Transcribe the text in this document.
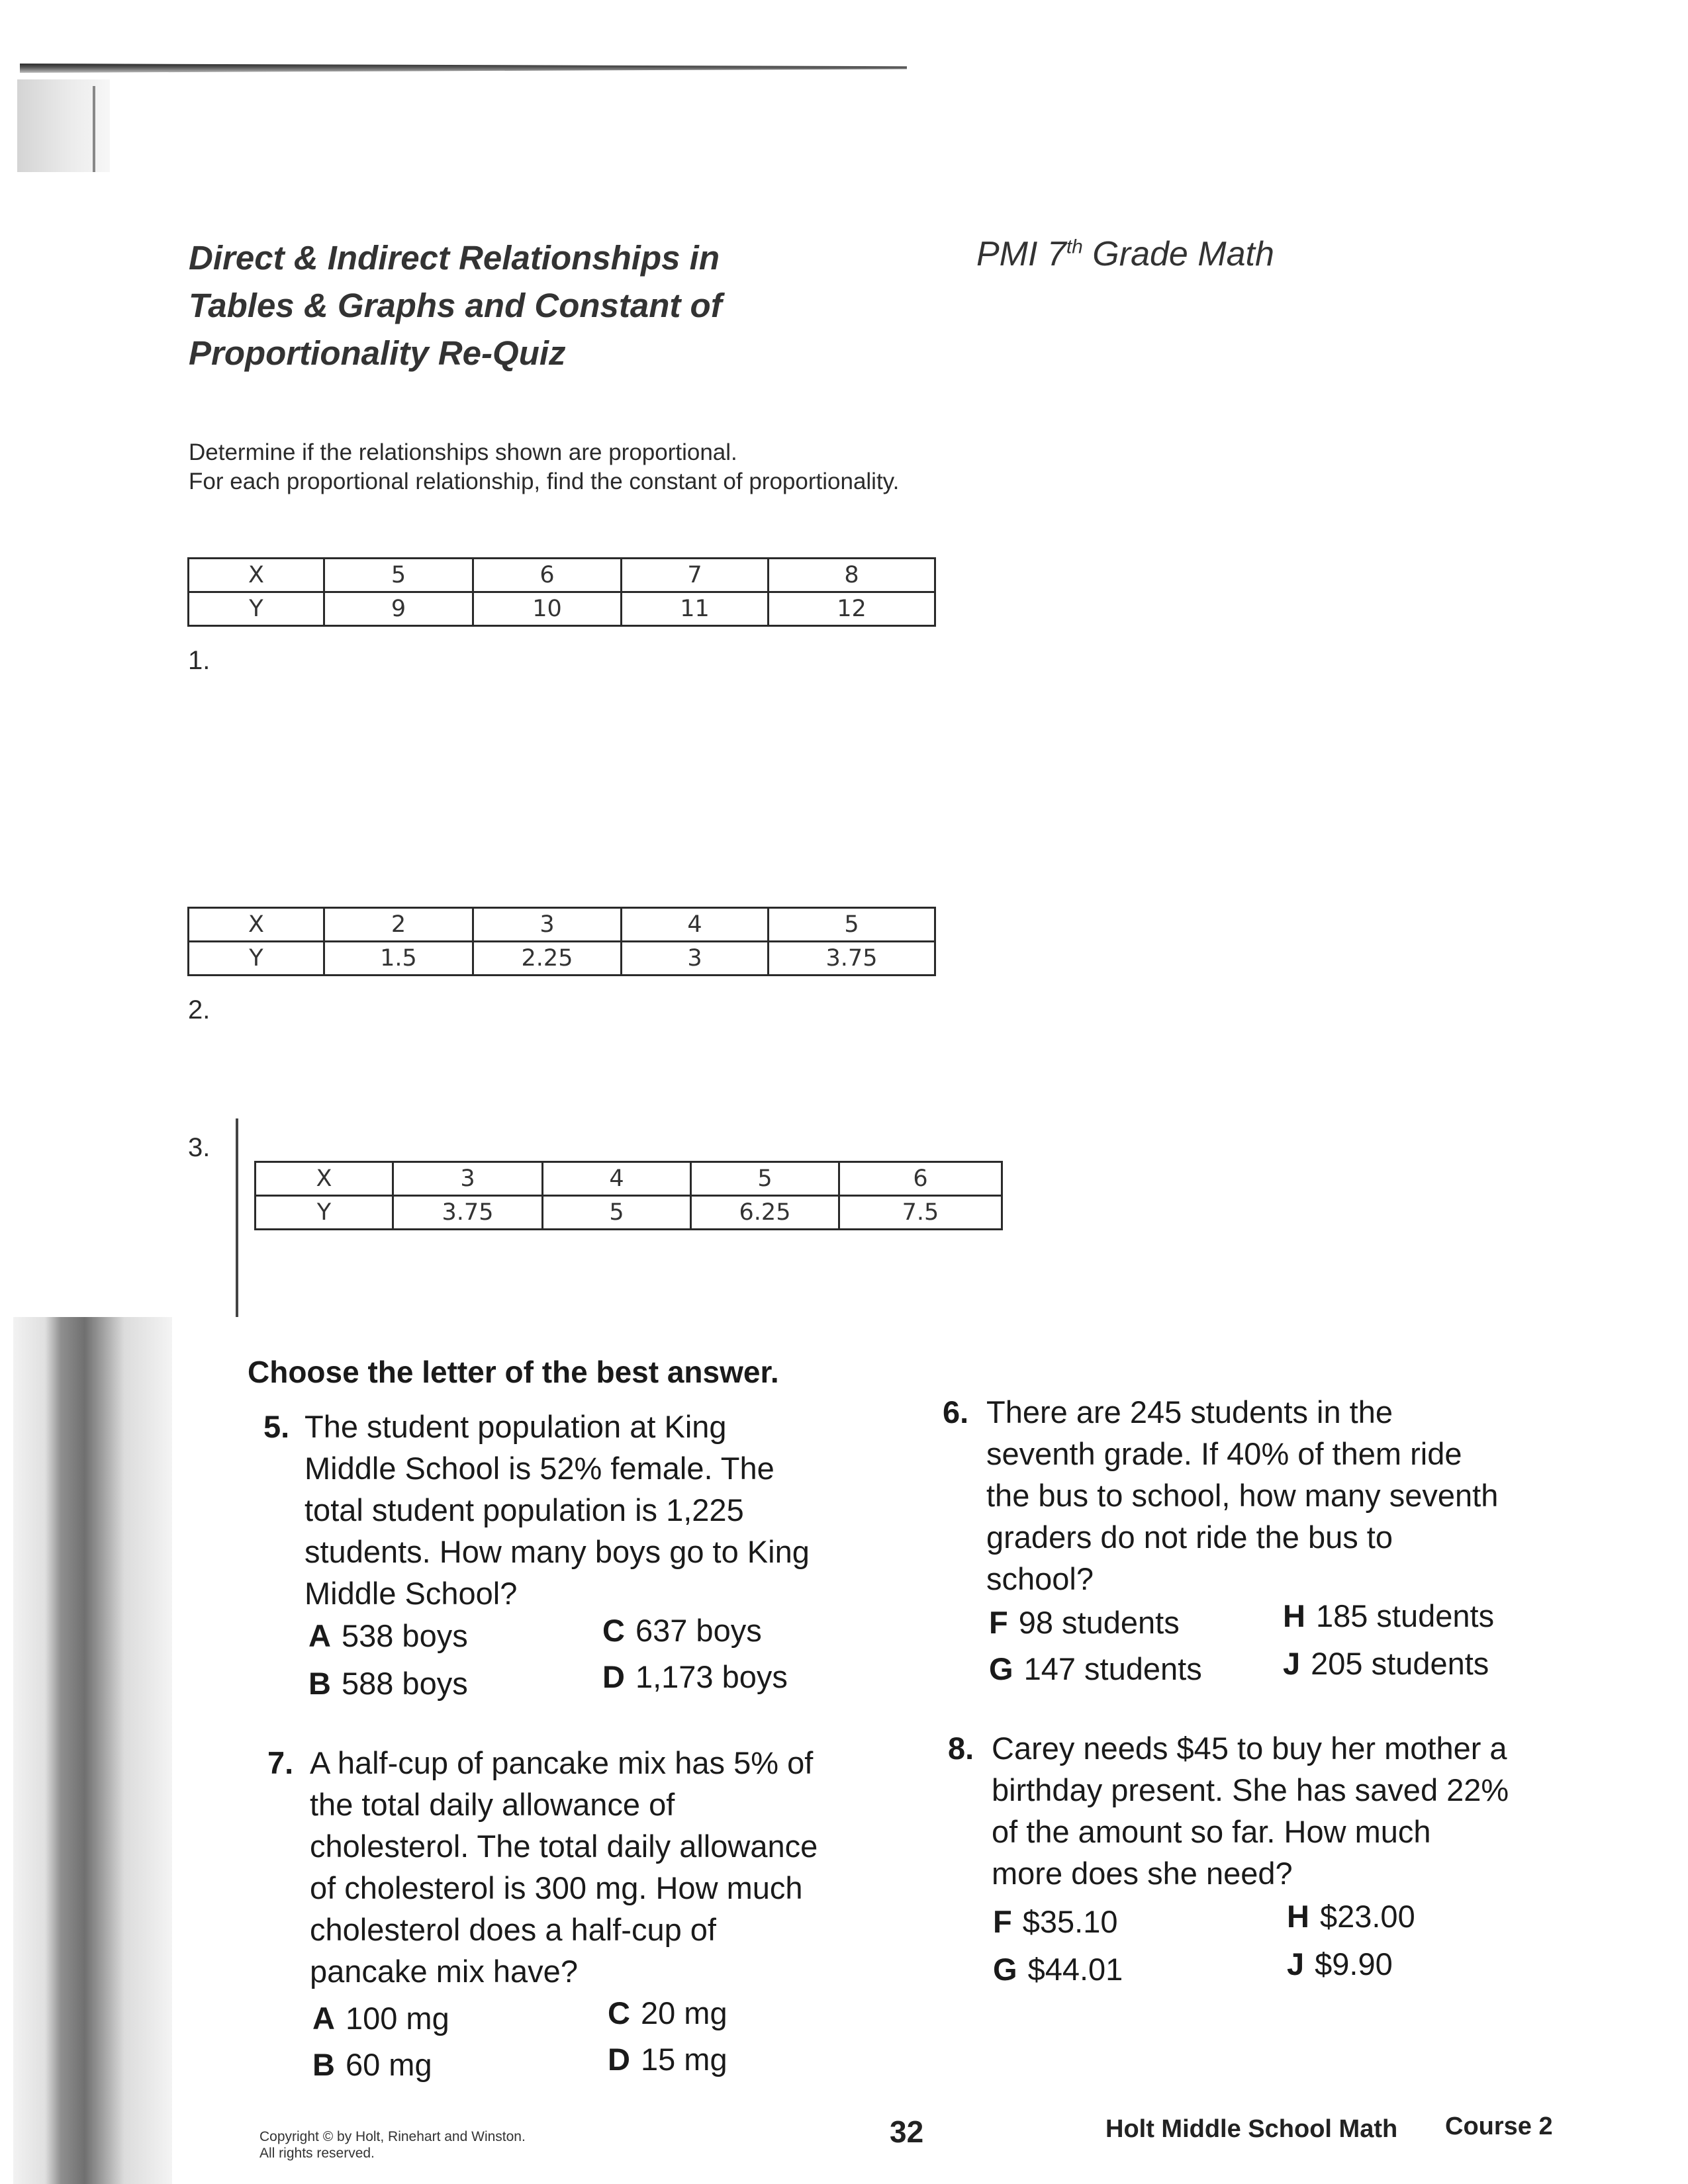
Direct & Indirect Relationships in
Tables & Graphs and Constant of
Proportionality Re-Quiz
PMI 7th Grade Math
Determine if the relationships shown are proportional.
For each proportional relationship, find the constant of proportionality.
X	5	6	7	8
Y	9	10	11	12
1.
X	2	3	4	5
Y	1.5	2.25	3	3.75
2.
3.
X	3	4	5	6
Y	3.75	5	6.25	7.5
Choose the letter of the best answer.
5. The student population at King
Middle School is 52% female. The
total student population is 1,225
students. How many boys go to King
Middle School?
A 538 boys	C 637 boys
B 588 boys	D 1,173 boys
6. There are 245 students in the
seventh grade. If 40% of them ride
the bus to school, how many seventh
graders do not ride the bus to
school?
F 98 students	H 185 students
G 147 students	J 205 students
7. A half-cup of pancake mix has 5% of
the total daily allowance of
cholesterol. The total daily allowance
of cholesterol is 300 mg. How much
cholesterol does a half-cup of
pancake mix have?
A 100 mg	C 20 mg
B 60 mg	D 15 mg
8. Carey needs $45 to buy her mother a
birthday present. She has saved 22%
of the amount so far. How much
more does she need?
F $35.10	H $23.00
G $44.01	J $9.90
Copyright © by Holt, Rinehart and Winston.
All rights reserved.
32	Holt Middle School Math Course 2
